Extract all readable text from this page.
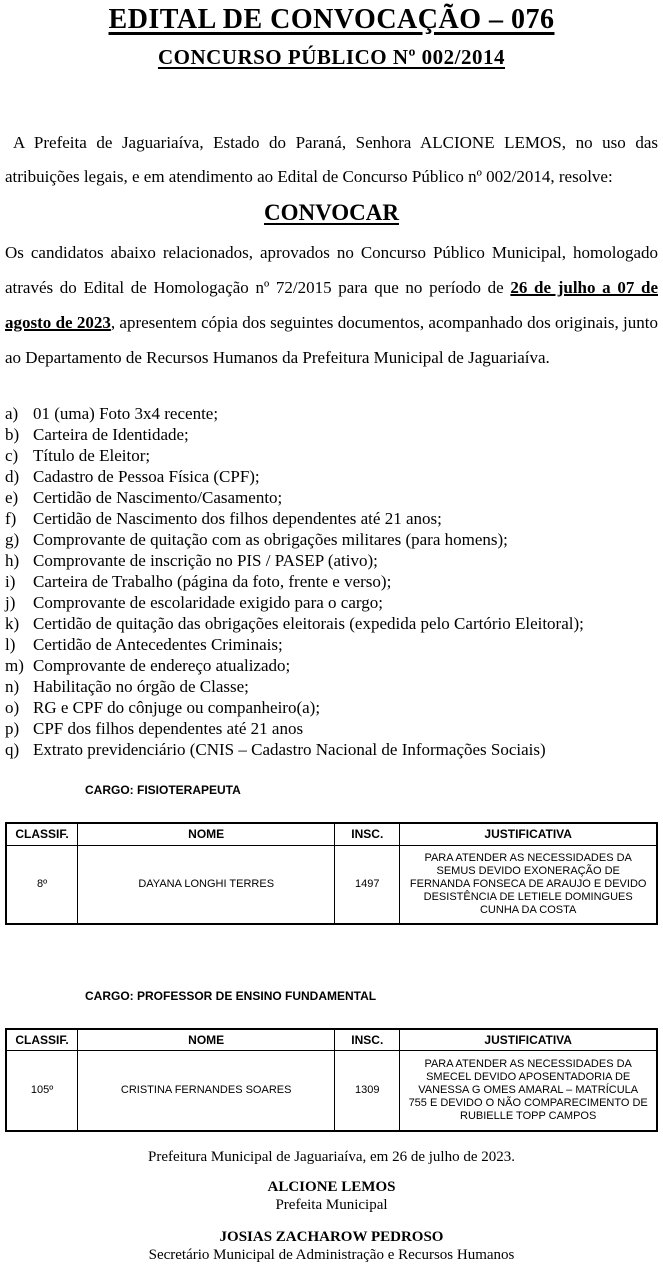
EDITAL DE CONVOCAÇÃO – 076
CONCURSO PÚBLICO Nº 002/2014

A Prefeita de Jaguariaíva, Estado do Paraná, Senhora ALCIONE LEMOS, no uso das atribuições legais, e em atendimento ao Edital de Concurso Público nº 002/2014, resolve:

CONVOCAR

Os candidatos abaixo relacionados, aprovados no Concurso Público Municipal, homologado através do Edital de Homologação nº 72/2015 para que no período de 26 de julho a 07 de agosto de 2023, apresentem cópia dos seguintes documentos, acompanhado dos originais, junto ao Departamento de Recursos Humanos da Prefeitura Municipal de Jaguariaíva.

a) 01 (uma) Foto 3x4 recente;
b) Carteira de Identidade;
c) Título de Eleitor;
d) Cadastro de Pessoa Física (CPF);
e) Certidão de Nascimento/Casamento;
f) Certidão de Nascimento dos filhos dependentes até 21 anos;
g) Comprovante de quitação com as obrigações militares (para homens);
h) Comprovante de inscrição no PIS / PASEP (ativo);
i)	Carteira de Trabalho (página da foto, frente e verso);
j)	Comprovante de escolaridade exigido para o cargo;
k) Certidão de quitação das obrigações eleitorais (expedida pelo Cartório Eleitoral);
l)	Certidão de Antecedentes Criminais;
m) Comprovante de endereço atualizado;
n) Habilitação no órgão de Classe;
o) RG e CPF do cônjuge ou companheiro(a);
p) CPF dos filhos dependentes até 21 anos
q) Extrato previdenciário (CNIS – Cadastro Nacional de Informações Sociais)
CARGO: FISIOTERAPEUTA
CLASSIF.	NOME	INSC.	JUSTIFICATIVA
8º	DAYANA LONGHI TERRES	1497	PARA ATENDER AS NECESSIDADES DA SEMUS DEVIDO EXONERAÇÃO DE FERNANDA FONSECA DE ARAUJO E DEVIDO DESISTÊNCIA DE LETIELE DOMINGUES CUNHA DA COSTA
CARGO: PROFESSOR DE ENSINO FUNDAMENTAL
CLASSIF.	NOME	INSC.	JUSTIFICATIVA
105º	CRISTINA FERNANDES SOARES	1309	PARA ATENDER AS NECESSIDADES DA SMECEL DEVIDO APOSENTADORIA DE VANESSA G OMES AMARAL – MATRÍCULA 755 E DEVIDO O NÃO COMPARECIMENTO DE RUBIELLE TOPP CAMPOS
Prefeitura Municipal de Jaguariaíva, em 26 de julho de 2023.
ALCIONE LEMOS
Prefeita Municipal
JOSIAS ZACHAROW PEDROSO
Secretário Municipal de Administração e Recursos Humanos
